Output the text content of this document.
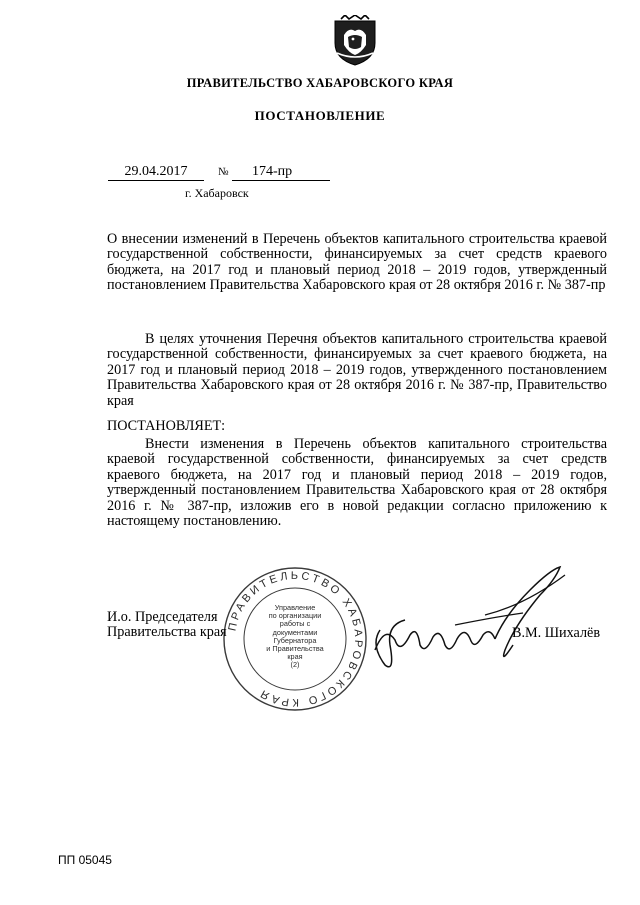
ПРАВИТЕЛЬСТВО ХАБАРОВСКОГО КРАЯ
ПОСТАНОВЛЕНИЕ
29.04.2017	№	174-пр
г. Хабаровск
О внесении изменений в Перечень объектов капитального строительства краевой государственной собственности, финансируемых за счет средств краевого бюджета, на 2017 год и плановый период 2018 – 2019 годов, утвержденный постановлением Правительства Хабаровского края от 28 октября 2016 г. № 387-пр
В целях уточнения Перечня объектов капитального строительства краевой государственной собственности, финансируемых за счет краевого бюджета, на 2017 год и плановый период 2018 – 2019 годов, утвержденного постановлением Правительства Хабаровского края от 28 октября 2016 г. № 387-пр, Правительство края
ПОСТАНОВЛЯЕТ:
Внести изменения в Перечень объектов капитального строительства краевой государственной собственности, финансируемых за счет средств краевого бюджета, на 2017 год и плановый период 2018 – 2019 годов, утвержденный постановлением Правительства Хабаровского края от 28 октября 2016 г. № 387-пр, изложив его в новой редакции согласно приложению к настоящему постановлению.
ПРАВИТЕЛЬСТВО ХАБАРОВСКОГО КРАЯ
Управление
по организации
работы с документами
Губернатора
и Правительства
края
(2)
И.о. Председателя
Правительства края	В.М. Шихалёв
ПП 05045
